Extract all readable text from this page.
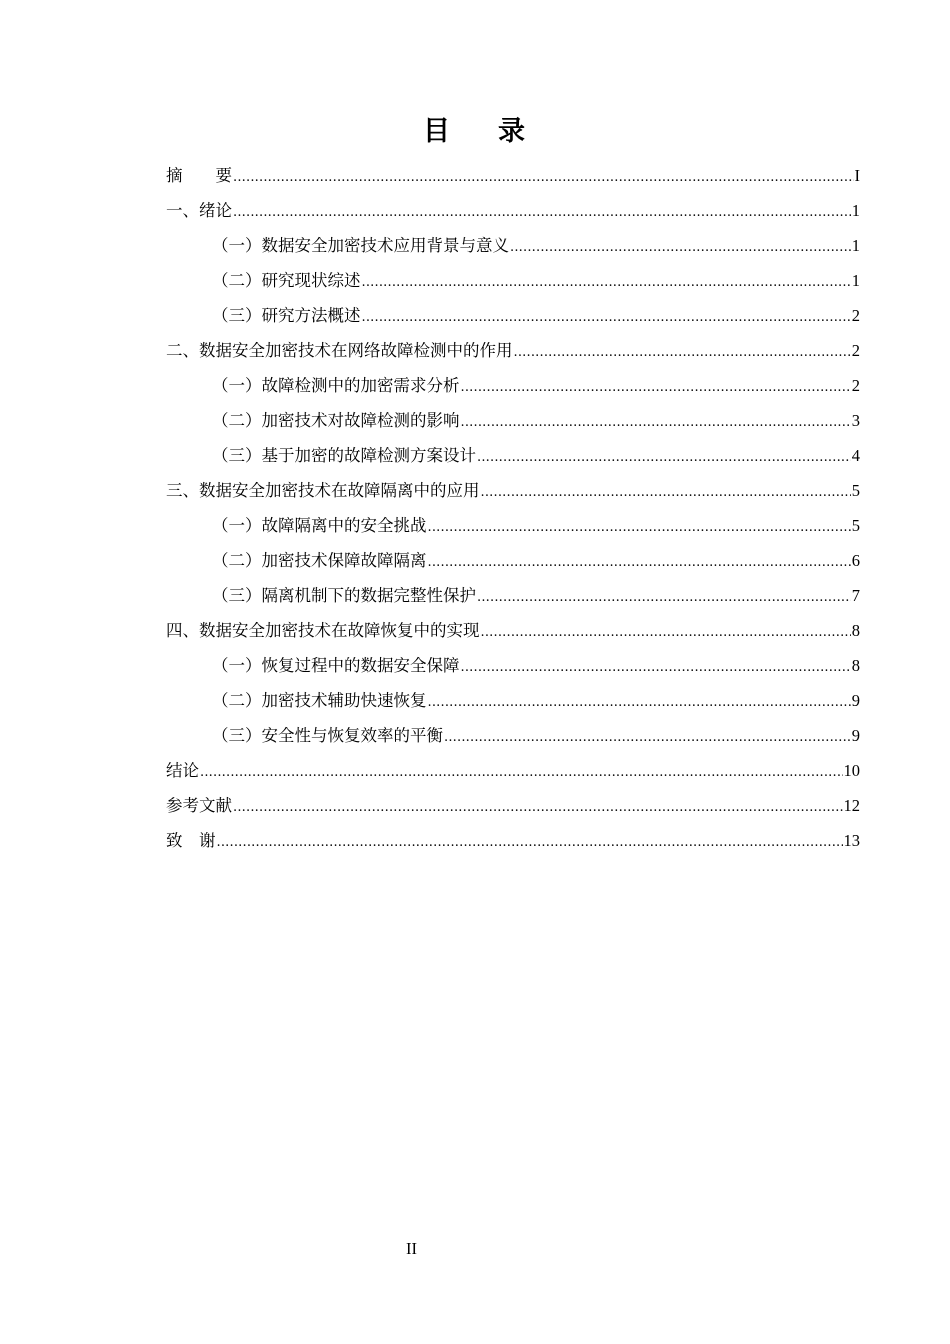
目 录
摘　　要 .....	I
一、绪论 .....	1
（一）数据安全加密技术应用背景与意义 .....	1
（二）研究现状综述 .....	1
（三）研究方法概述 .....	2
二、数据安全加密技术在网络故障检测中的作用 .....	2
（一）故障检测中的加密需求分析 .....	2
（二）加密技术对故障检测的影响 .....	3
（三）基于加密的故障检测方案设计 .....	4
三、数据安全加密技术在故障隔离中的应用 .....	5
（一）故障隔离中的安全挑战 .....	5
（二）加密技术保障故障隔离 .....	6
（三）隔离机制下的数据完整性保护 .....	7
四、数据安全加密技术在故障恢复中的实现 .....	8
（一）恢复过程中的数据安全保障 .....	8
（二）加密技术辅助快速恢复 .....	9
（三）安全性与恢复效率的平衡 .....	9
结论 .....	10
参考文献 .....	12
致　谢 .....	13
II
